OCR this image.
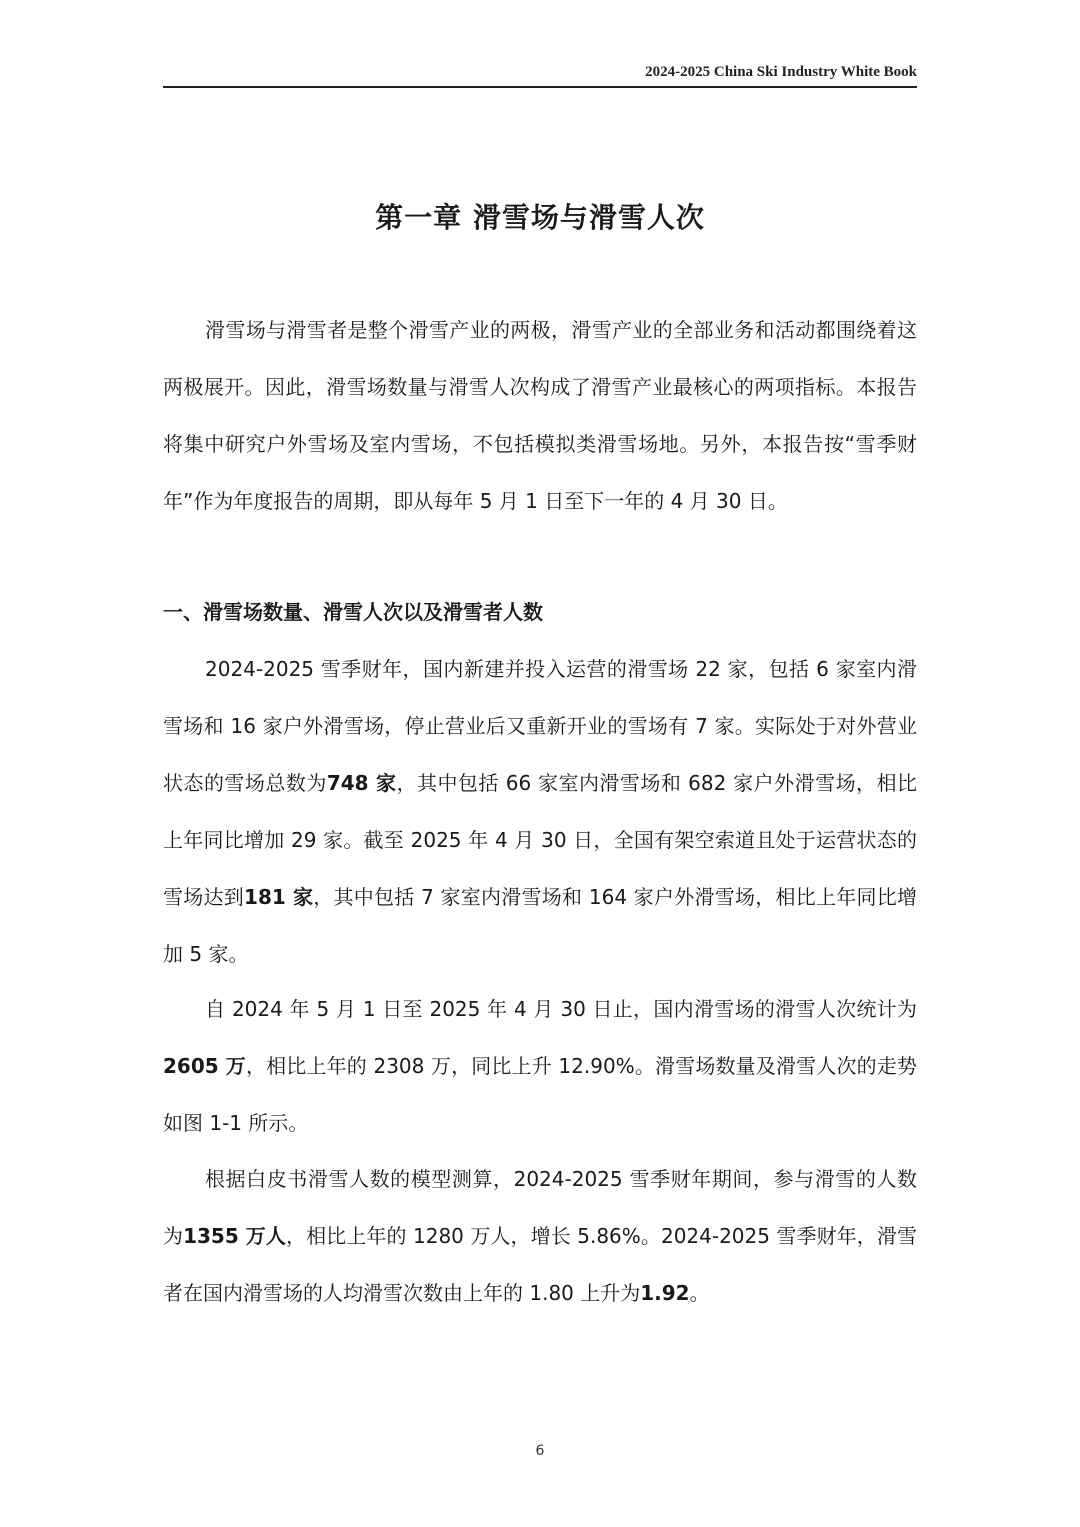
2024-2025 China Ski Industry White Book
第一章 滑雪场与滑雪人次

滑雪场与滑雪者是整个滑雪产业的两极，滑雪产业的全部业务和活动都围绕着这两极展开。因此，滑雪场数量与滑雪人次构成了滑雪产业最核心的两项指标。本报告将集中研究户外雪场及室内雪场，不包括模拟类滑雪场地。另外，本报告按“雪季财年”作为年度报告的周期，即从每年 5 月 1 日至下一年的 4 月 30 日。

一、滑雪场数量、滑雪人次以及滑雪者人数

2024-2025 雪季财年，国内新建并投入运营的滑雪场 22 家，包括 6 家室内滑雪场和 16 家户外滑雪场，停止营业后又重新开业的雪场有 7 家。实际处于对外营业状态的雪场总数为748 家，其中包括 66 家室内滑雪场和 682 家户外滑雪场，相比上年同比增加 29 家。截至 2025 年 4 月 30 日，全国有架空索道且处于运营状态的雪场达到181 家，其中包括 7 家室内滑雪场和 164 家户外滑雪场，相比上年同比增加 5 家。

自 2024 年 5 月 1 日至 2025 年 4 月 30 日止，国内滑雪场的滑雪人次统计为2605 万，相比上年的 2308 万，同比上升 12.90%。滑雪场数量及滑雪人次的走势如图 1-1 所示。

根据白皮书滑雪人数的模型测算，2024-2025 雪季财年期间，参与滑雪的人数为1355 万人，相比上年的 1280 万人，增长 5.86%。2024-2025 雪季财年，滑雪者在国内滑雪场的人均滑雪次数由上年的 1.80 上升为1.92。

6
